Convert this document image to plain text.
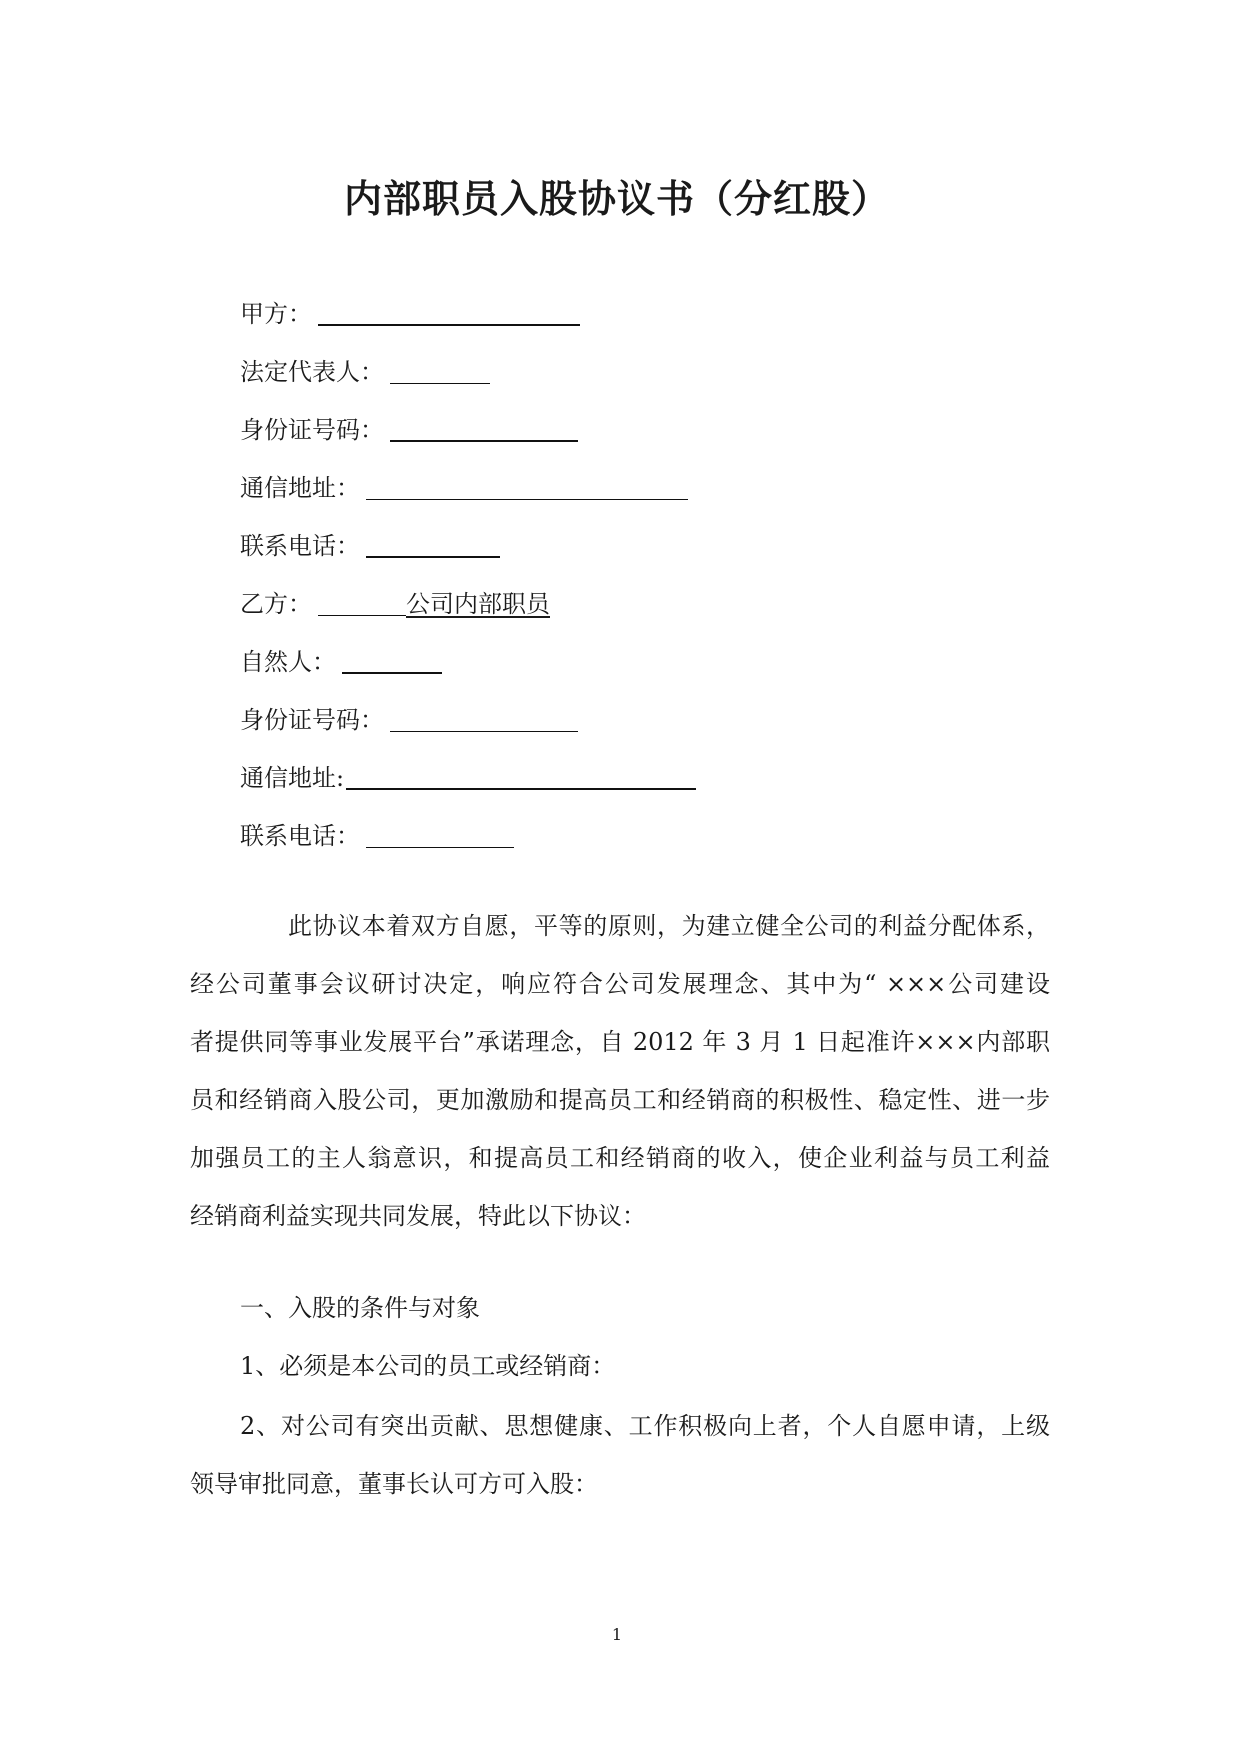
内部职员入股协议书（分红股）
甲方：
法定代表人：
身份证号码：
通信地址：
联系电话：
乙方：	公司内部职员
自然人：
身份证号码：
通信地址:
联系电话：
此协议本着双方自愿，平等的原则，为建立健全公司的利益分配体系，
经公司董事会议研讨决定，响应符合公司发展理念、其中为“ ×××公司建设
者提供同等事业发展平台”承诺理念，自 2012 年 3 月 1 日起准许×××内部职
员和经销商入股公司，更加激励和提高员工和经销商的积极性、稳定性、进一步
加强员工的主人翁意识，和提高员工和经销商的收入，使企业利益与员工利益
经销商利益实现共同发展，特此以下协议：
一、入股的条件与对象
1、必须是本公司的员工或经销商：
2、对公司有突出贡献、思想健康、工作积极向上者，个人自愿申请，上级
领导审批同意，董事长认可方可入股：
1
